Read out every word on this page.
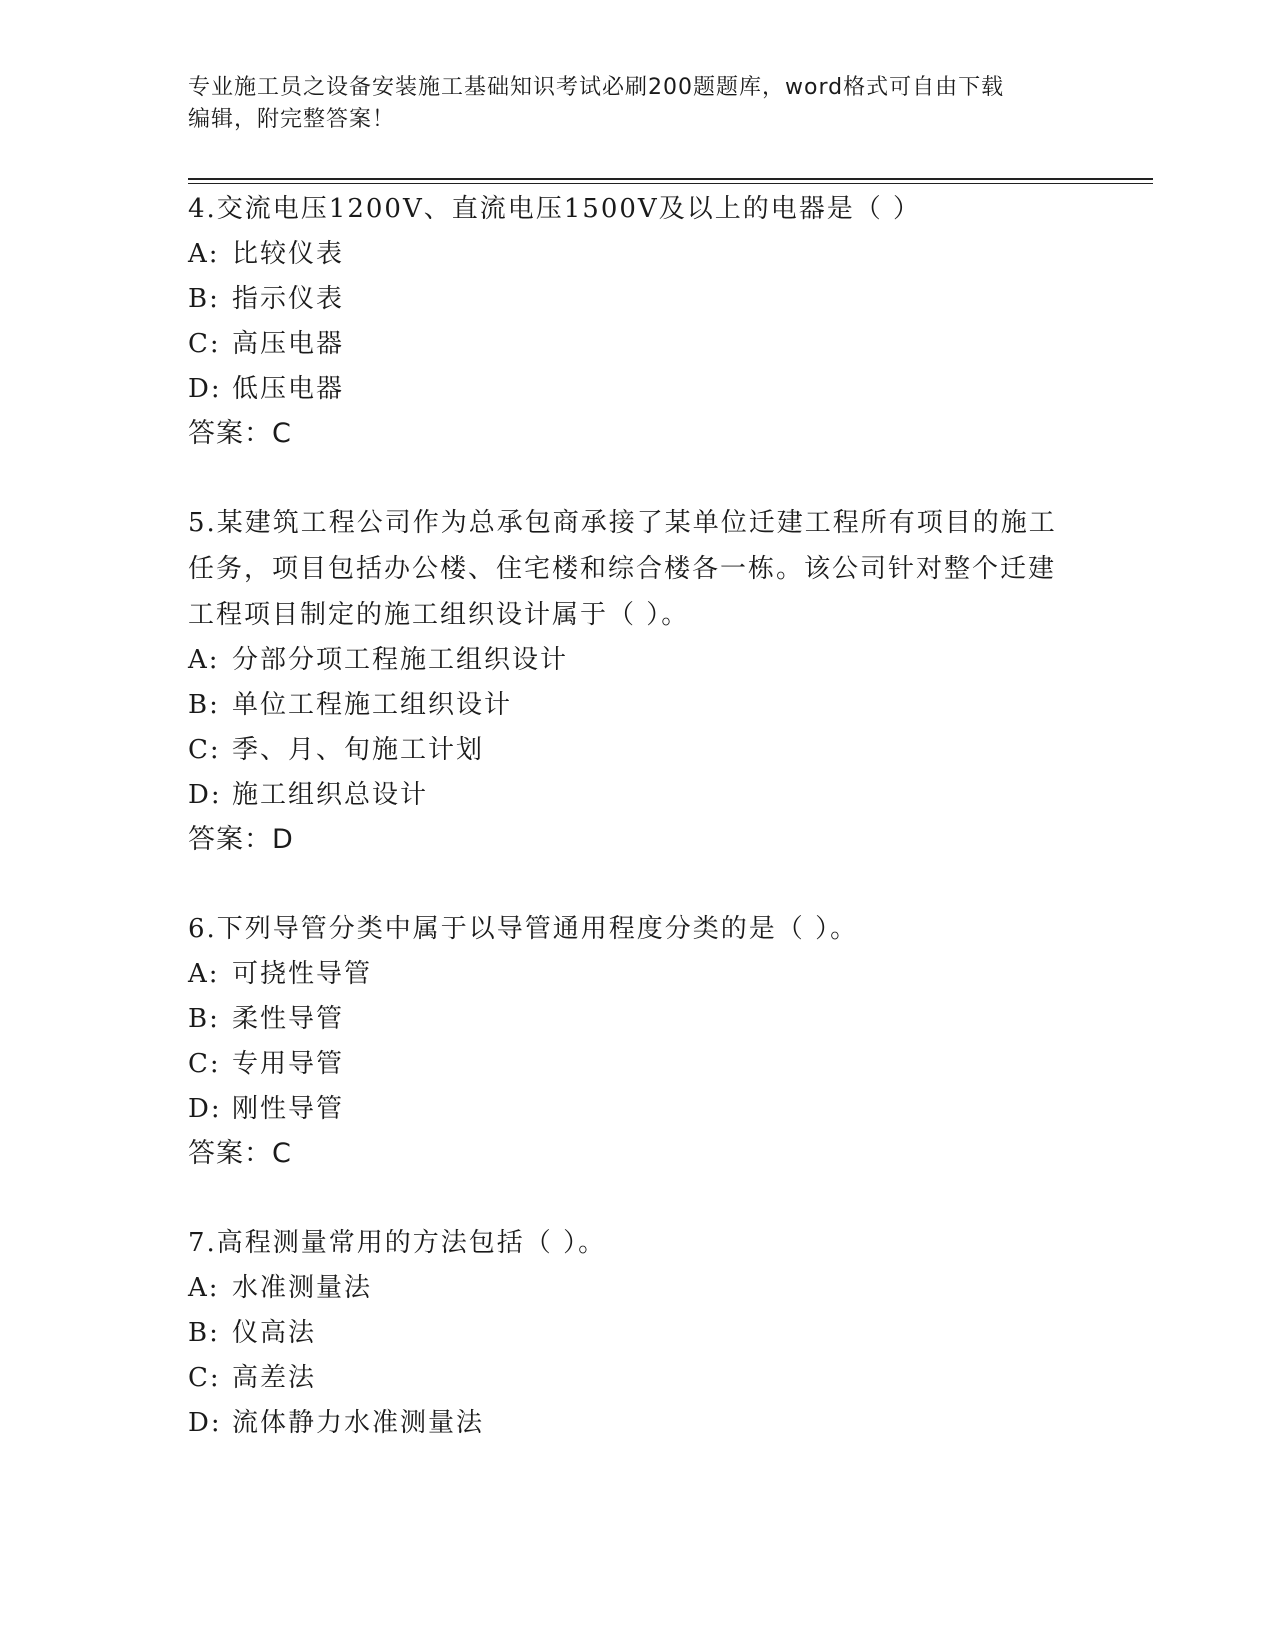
专业施工员之设备安装施工基础知识考试必刷200题题库，word格式可自由下载
编辑，附完整答案！
4.交流电压1200V、直流电压1500V及以上的电器是（ ）
A: 比较仪表
B: 指示仪表
C: 高压电器
D: 低压电器
答案：C
5.某建筑工程公司作为总承包商承接了某单位迁建工程所有项目的施工任务，项目包括办公楼、住宅楼和综合楼各一栋。该公司针对整个迁建工程项目制定的施工组织设计属于（ ）。
A: 分部分项工程施工组织设计
B: 单位工程施工组织设计
C: 季、月、旬施工计划
D: 施工组织总设计
答案：D
6.下列导管分类中属于以导管通用程度分类的是（ ）。
A: 可挠性导管
B: 柔性导管
C: 专用导管
D: 刚性导管
答案：C
7.高程测量常用的方法包括（ ）。
A: 水准测量法
B: 仪高法
C: 高差法
D: 流体静力水准测量法
